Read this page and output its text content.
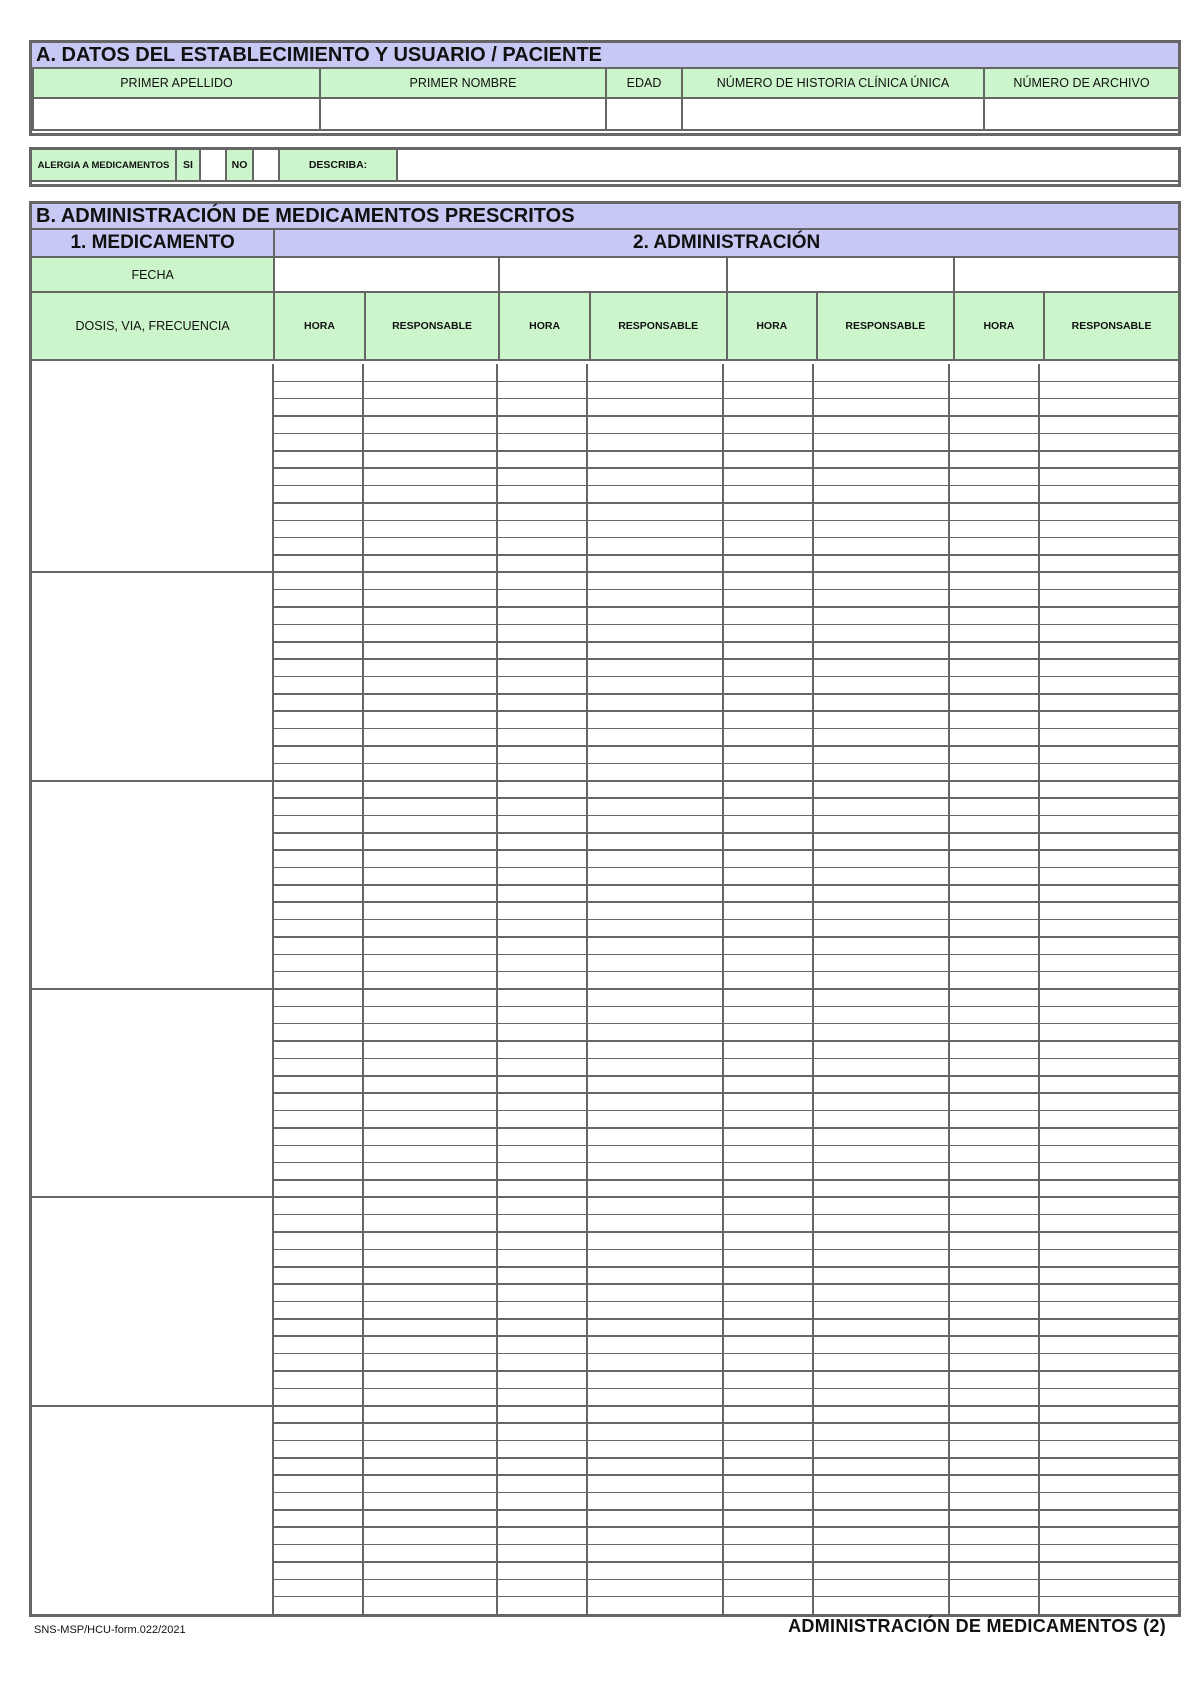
A. DATOS DEL ESTABLECIMIENTO Y USUARIO / PACIENTE
PRIMER APELLIDO	PRIMER NOMBRE	EDAD	NÚMERO DE HISTORIA CLÍNICA ÚNICA	NÚMERO DE ARCHIVO

ALERGIA A MEDICAMENTOS	SI		NO		DESCRIBA:	
B. ADMINISTRACIÓN DE MEDICAMENTOS PRESCRITOS
1. MEDICAMENTO	2. ADMINISTRACIÓN							
FECHA								
DOSIS, VIA, FRECUENCIA	HORA	RESPONSABLE	HORA	RESPONSABLE	HORA	RESPONSABLE	HORA	RESPONSABLE
SNS-MSP/HCU-form.022/2021	ADMINISTRACIÓN DE MEDICAMENTOS (2)
